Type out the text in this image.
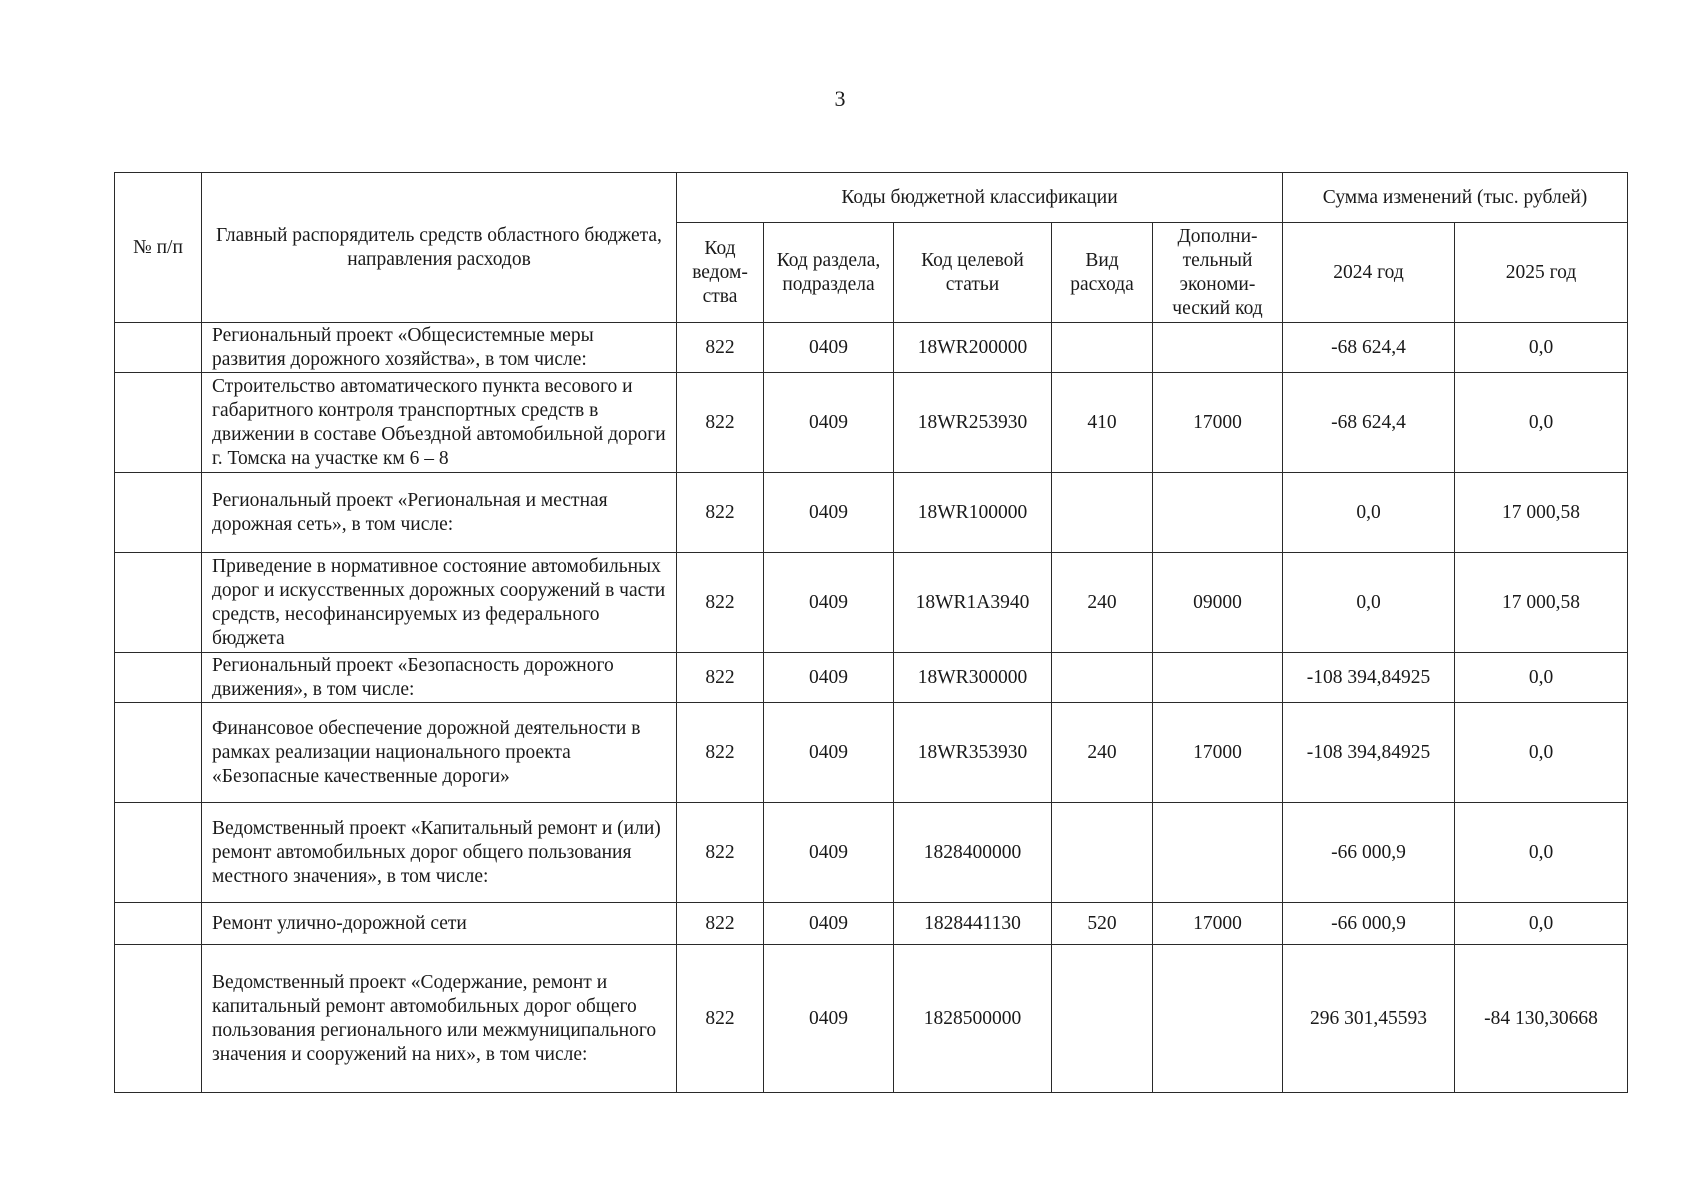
3
№ п/п	Главный распорядитель средств областного бюджета, направления расходов	Коды бюджетной классификации					Сумма изменений (тыс. рублей)	
		Код ведом-ства	Код раздела, подраздела	Код целевой статьи	Вид расхода	Дополни-тельный экономи-ческий код	2024 год	2025 год
	Региональный проект «Общесистемные меры развития дорожного хозяйства», в том числе:	822	0409	18WR200000			-68 624,4	0,0
	Строительство автоматического пункта весового и габаритного контроля транспортных средств в движении в составе Объездной автомобильной дороги г. Томска на участке км 6 – 8	822	0409	18WR253930	410	17000	-68 624,4	0,0
	Региональный проект «Региональная и местная дорожная сеть», в том числе:	822	0409	18WR100000			0,0	17 000,58
	Приведение в нормативное состояние автомобильных дорог и искусственных дорожных сооружений в части средств, несофинансируемых из федерального бюджета	822	0409	18WR1A3940	240	09000	0,0	17 000,58
	Региональный проект «Безопасность дорожного движения», в том числе:	822	0409	18WR300000			-108 394,84925	0,0
	Финансовое обеспечение дорожной деятельности в рамках реализации национального проекта «Безопасные качественные дороги»	822	0409	18WR353930	240	17000	-108 394,84925	0,0
	Ведомственный проект «Капитальный ремонт и (или) ремонт автомобильных дорог общего пользования местного значения», в том числе:	822	0409	1828400000			-66 000,9	0,0
	Ремонт улично-дорожной сети	822	0409	1828441130	520	17000	-66 000,9	0,0
	Ведомственный проект «Содержание, ремонт и капитальный ремонт автомобильных дорог общего пользования регионального или межмуниципального значения и сооружений на них», в том числе:	822	0409	1828500000			296 301,45593	-84 130,30668
